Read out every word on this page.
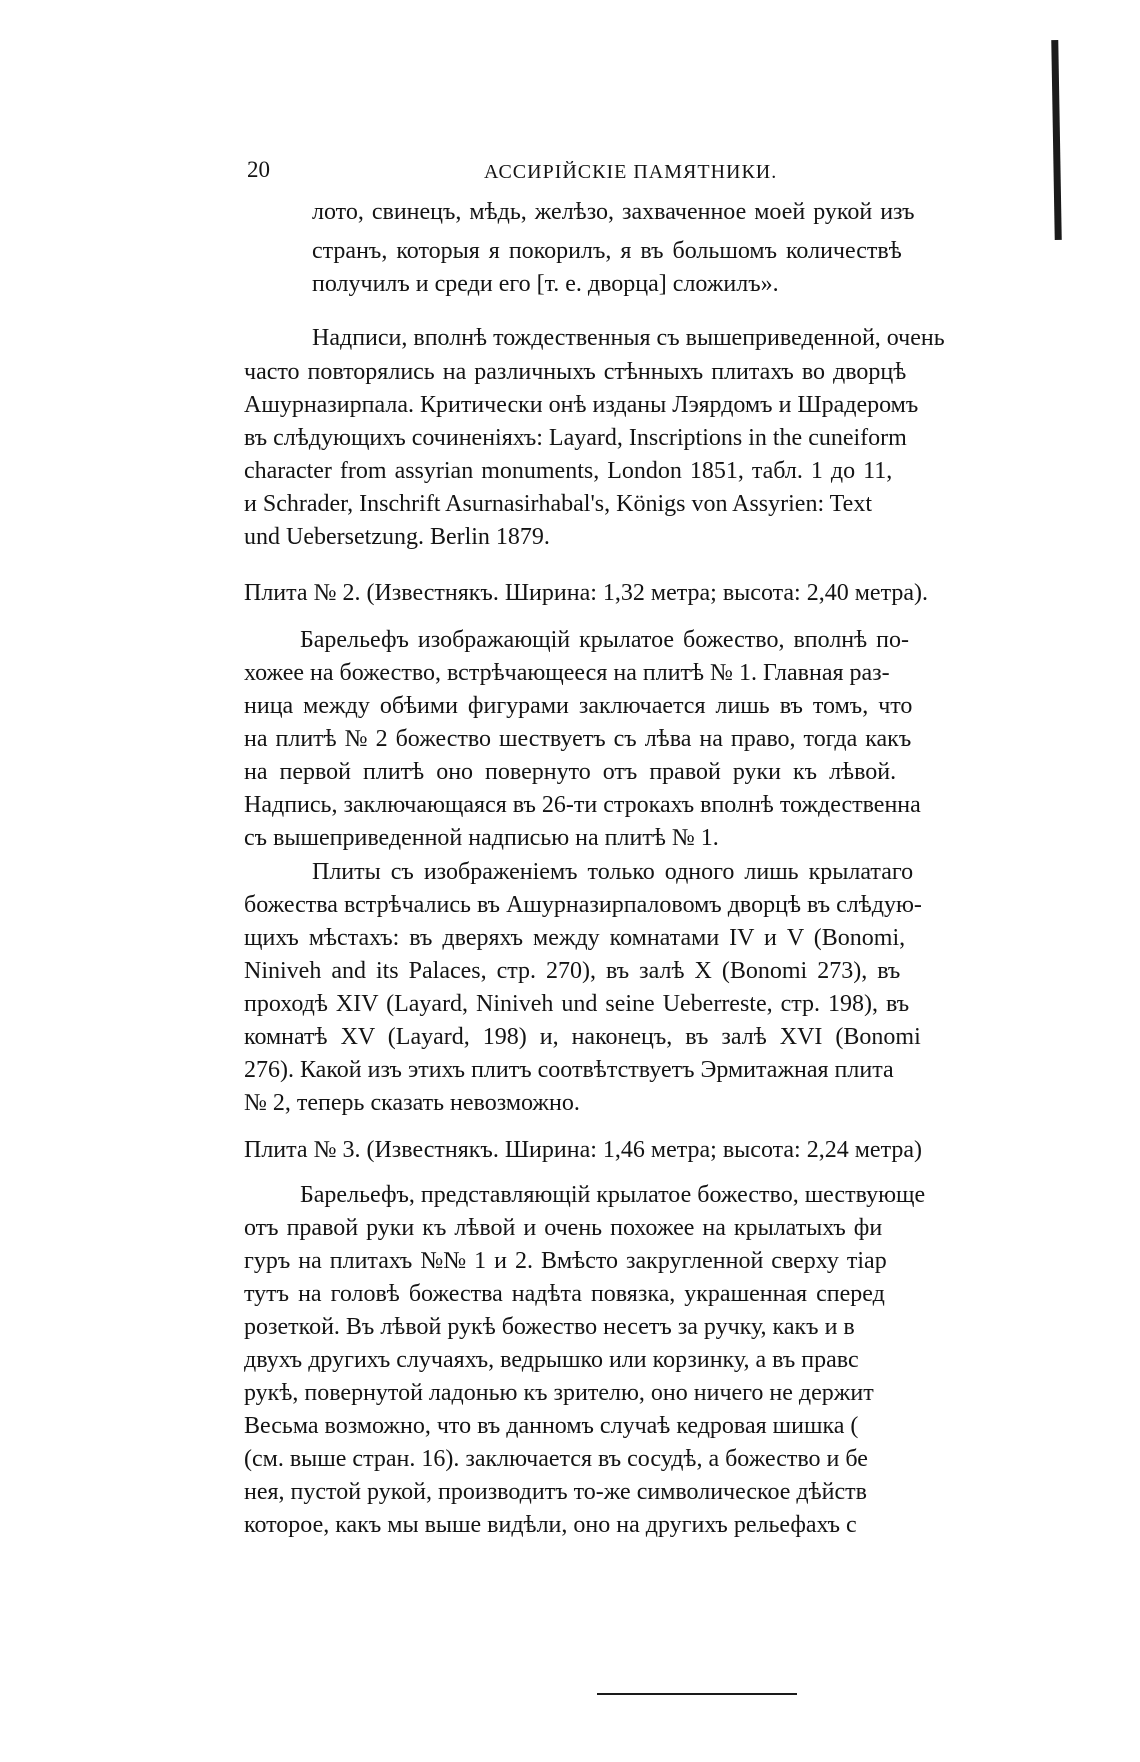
20	АССИРІЙСКІЕ ПАМЯТНИКИ.
лото, свинецъ, мѣдь, желѣзо, захваченное моей рукой изъ
странъ, которыя я покорилъ, я въ большомъ количествѣ
получилъ и среди его [т. е. дворца] сложилъ».
Надписи, вполнѣ тождественныя съ вышеприведенной, очень
часто повторялись на различныхъ стѣнныхъ плитахъ во дворцѣ
Ашурназирпала. Критически онѣ изданы Лэярдомъ и Шрадеромъ
въ слѣдующихъ сочиненіяхъ: Layard, Inscriptions in the cuneiform
character from assyrian monuments, London 1851, табл. 1 до 11,
и Schrader, Inschrift Asurnasirhabal's, Königs von Assyrien: Text
und Uebersetzung. Berlin 1879.
Плита № 2. (Известнякъ. Ширина: 1,32 метра; высота: 2,40 метра).
Барельефъ изображающій крылатое божество, вполнѣ по-
хожее на божество, встрѣчающееся на плитѣ № 1. Главная раз-
ница между обѣими фигурами заключается лишь въ томъ, что
на плитѣ № 2 божество шествуетъ съ лѣва на право, тогда какъ
на первой плитѣ оно повернуто отъ правой руки къ лѣвой.
Надпись, заключающаяся въ 26-ти строкахъ вполнѣ тождественна
съ вышеприведенной надписью на плитѣ № 1.
Плиты съ изображеніемъ только одного лишь крылатаго
божества встрѣчались въ Ашурназирпаловомъ дворцѣ въ слѣдую-
щихъ мѣстахъ: въ дверяхъ между комнатами IV и V (Bonomi,
Niniveh and its Palaces, стр. 270), въ залѣ X (Bonomi 273), въ
проходѣ XIV (Layard, Niniveh und seine Ueberreste, стр. 198), въ
комнатѣ XV (Layard, 198) и, наконецъ, въ залѣ XVI (Bonomi
276). Какой изъ этихъ плитъ соотвѣтствуетъ Эрмитажная плита
№ 2, теперь сказать невозможно.
Плита № 3. (Известнякъ. Ширина: 1,46 метра; высота: 2,24 метра)
Барельефъ, представляющій крылатое божество, шествующе
отъ правой руки къ лѣвой и очень похожее на крылатыхъ фи
гуръ на плитахъ №№ 1 и 2. Вмѣсто закругленной сверху тіар
тутъ на головѣ божества надѣта повязка, украшенная сперед
розеткой. Въ лѣвой рукѣ божество несетъ за ручку, какъ и в
двухъ другихъ случаяхъ, ведрышко или корзинку, а въ правс
рукѣ, повернутой ладонью къ зрителю, оно ничего не держит
Весьма возможно, что въ данномъ случаѣ кедровая шишка (
(см. выше стран. 16). заключается въ сосудѣ, а божество и бе
нея, пустой рукой, производитъ то-же символическое дѣйств
которое, какъ мы выше видѣли, оно на другихъ рельефахъ с
